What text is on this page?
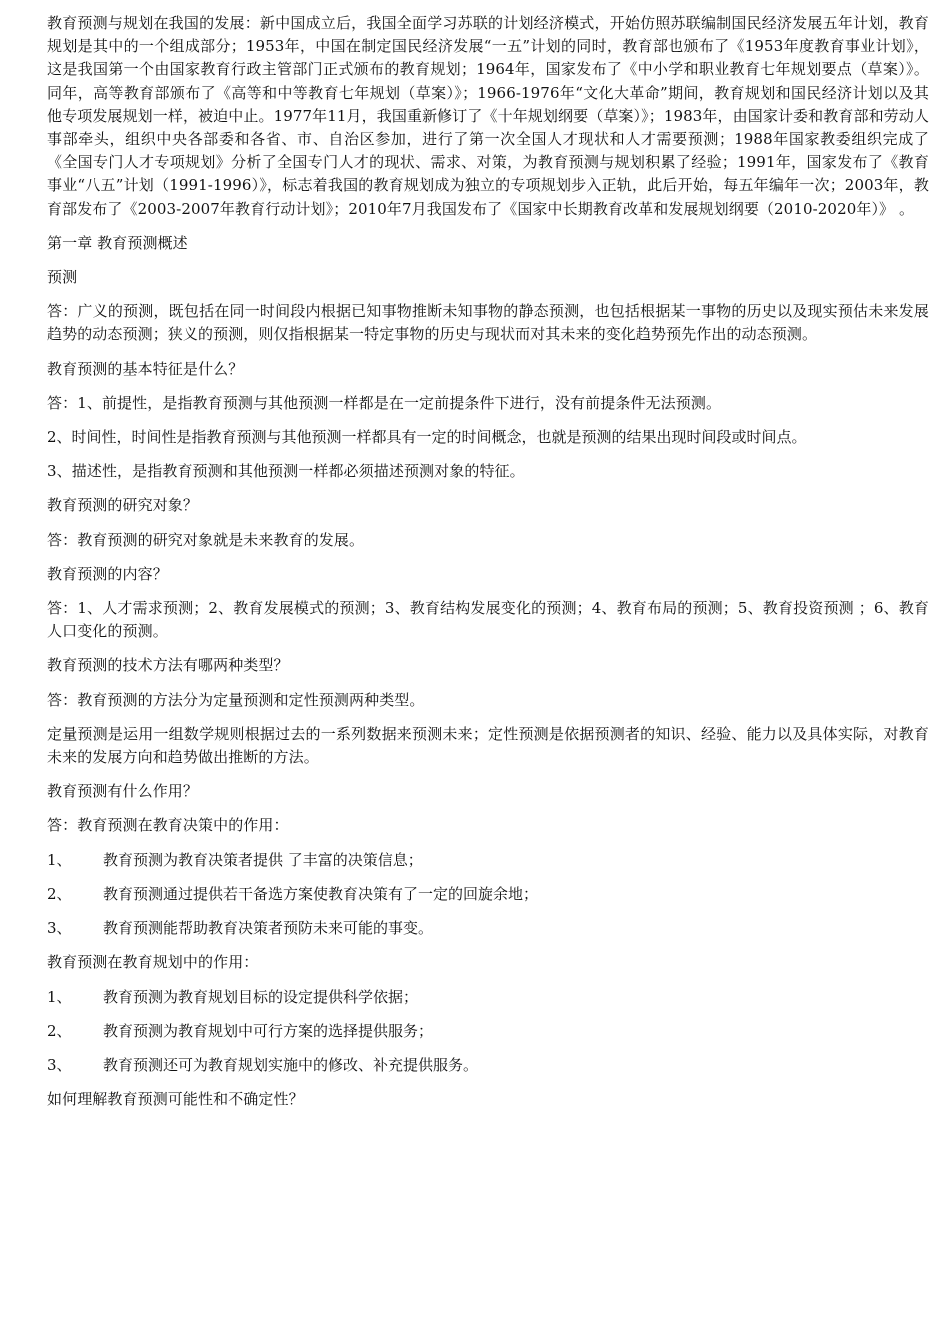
教育预测与规划在我国的发展：新中国成立后，我国全面学习苏联的计划经济模式，开始仿照苏联编制国民经济发展五年计划，教育规划是其中的一个组成部分；1953年，中国在制定国民经济发展“一五”计划的同时，教育部也颁布了《1953年度教育事业计划》，这是我国第一个由国家教育行政主管部门正式颁布的教育规划；1964年，国家发布了《中小学和职业教育七年规划要点（草案）》。同年，高等教育部颁布了《高等和中等教育七年规划（草案）》；1966-1976年“文化大革命”期间，教育规划和国民经济计划以及其他专项发展规划一样，被迫中止。1977年11月，我国重新修订了《十年规划纲要（草案）》；1983年，由国家计委和教育部和劳动人事部牵头，组织中央各部委和各省、市、自治区参加，进行了第一次全国人才现状和人才需要预测；1988年国家教委组织完成了《全国专门人才专项规划》分析了全国专门人才的现状、需求、对策，为教育预测与规划积累了经验；1991年，国家发布了《教育事业“八五”计划（1991-1996）》，标志着我国的教育规划成为独立的专项规划步入正轨，此后开始，每五年编年一次；2003年，教育部发布了《2003-2007年教育行动计划》；2010年7月我国发布了《国家中长期教育改革和发展规划纲要（2010-2020年）》 。

第一章 教育预测概述

预测

答：广义的预测，既包括在同一时间段内根据已知事物推断未知事物的静态预测，也包括根据某一事物的历史以及现实预估未来发展趋势的动态预测；狭义的预测，则仅指根据某一特定事物的历史与现状而对其未来的变化趋势预先作出的动态预测。

教育预测的基本特征是什么？

答：1、前提性，是指教育预测与其他预测一样都是在一定前提条件下进行，没有前提条件无法预测。

2、时间性，时间性是指教育预测与其他预测一样都具有一定的时间概念，也就是预测的结果出现时间段或时间点。

3、描述性，是指教育预测和其他预测一样都必须描述预测对象的特征。

教育预测的研究对象？

答：教育预测的研究对象就是未来教育的发展。

教育预测的内容？

答：1、人才需求预测；2、教育发展模式的预测；3、教育结构发展变化的预测；4、教育布局的预测；5、教育投资预测 ；6、教育人口变化的预测。

教育预测的技术方法有哪两种类型？

答：教育预测的方法分为定量预测和定性预测两种类型。

定量预测是运用一组数学规则根据过去的一系列数据来预测未来；定性预测是依据预测者的知识、经验、能力以及具体实际，对教育未来的发展方向和趋势做出推断的方法。

教育预测有什么作用？

答：教育预测在教育决策中的作用：

1、	教育预测为教育决策者提供 了丰富的决策信息；
2、	教育预测通过提供若干备选方案使教育决策有了一定的回旋余地；
3、	教育预测能帮助教育决策者预防未来可能的事变。

教育预测在教育规划中的作用：

1、	教育预测为教育规划目标的设定提供科学依据；
2、	教育预测为教育规划中可行方案的选择提供服务；
3、	教育预测还可为教育规划实施中的修改、补充提供服务。

如何理解教育预测可能性和不确定性？
